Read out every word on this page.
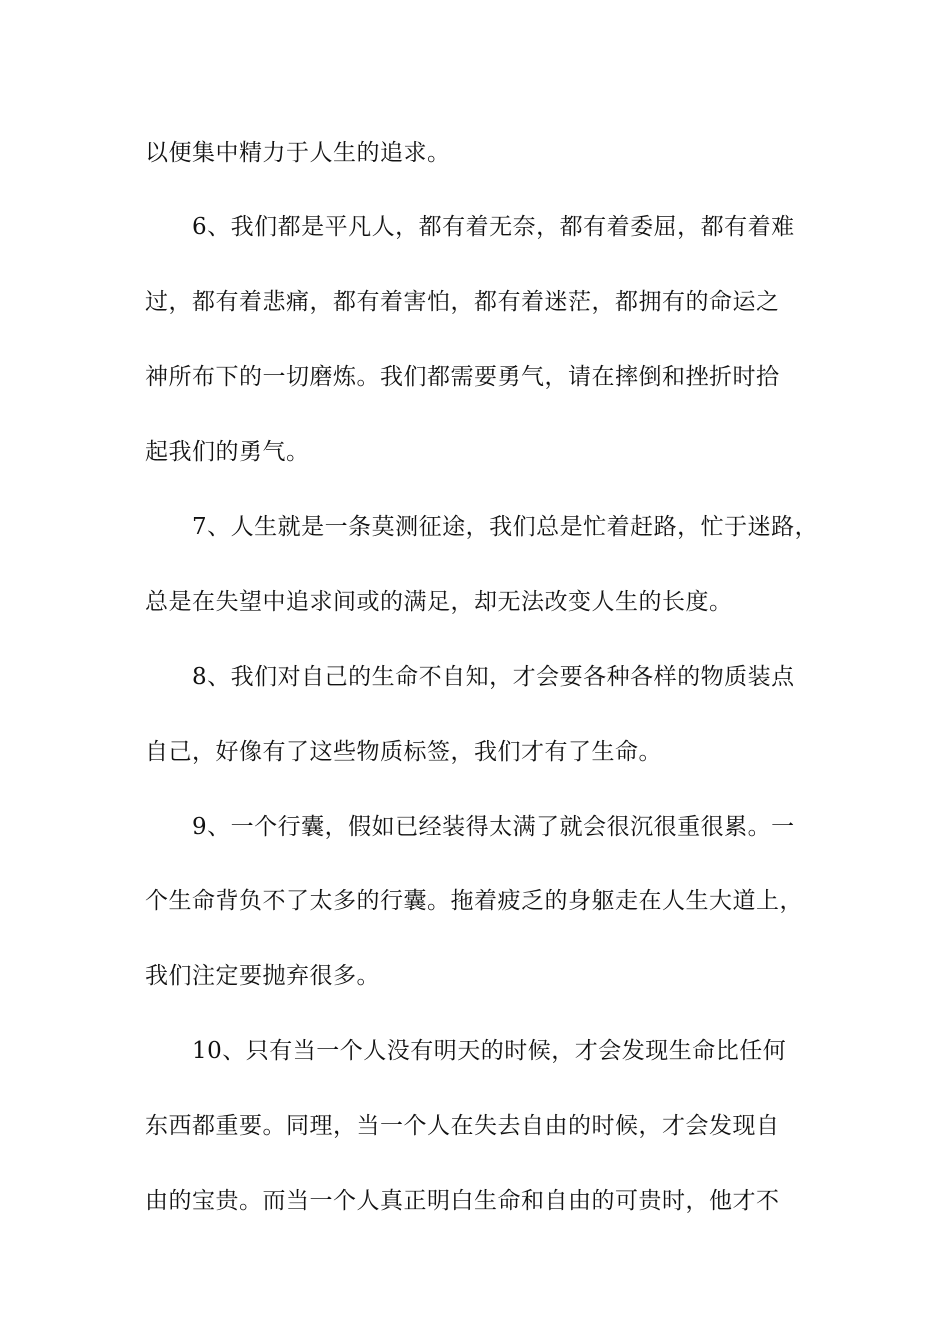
以便集中精力于人生的追求。
6、我们都是平凡人，都有着无奈，都有着委屈，都有着难
过，都有着悲痛，都有着害怕，都有着迷茫，都拥有的命运之
神所布下的一切磨炼。我们都需要勇气，请在摔倒和挫折时拾
起我们的勇气。
7、人生就是一条莫测征途，我们总是忙着赶路，忙于迷路，
总是在失望中追求间或的满足，却无法改变人生的长度。
8、我们对自己的生命不自知，才会要各种各样的物质装点
自己，好像有了这些物质标签，我们才有了生命。
9、一个行囊，假如已经装得太满了就会很沉很重很累。一
个生命背负不了太多的行囊。拖着疲乏的身躯走在人生大道上，
我们注定要抛弃很多。
10、只有当一个人没有明天的时候，才会发现生命比任何
东西都重要。同理，当一个人在失去自由的时候，才会发现自
由的宝贵。而当一个人真正明白生命和自由的可贵时，他才不
